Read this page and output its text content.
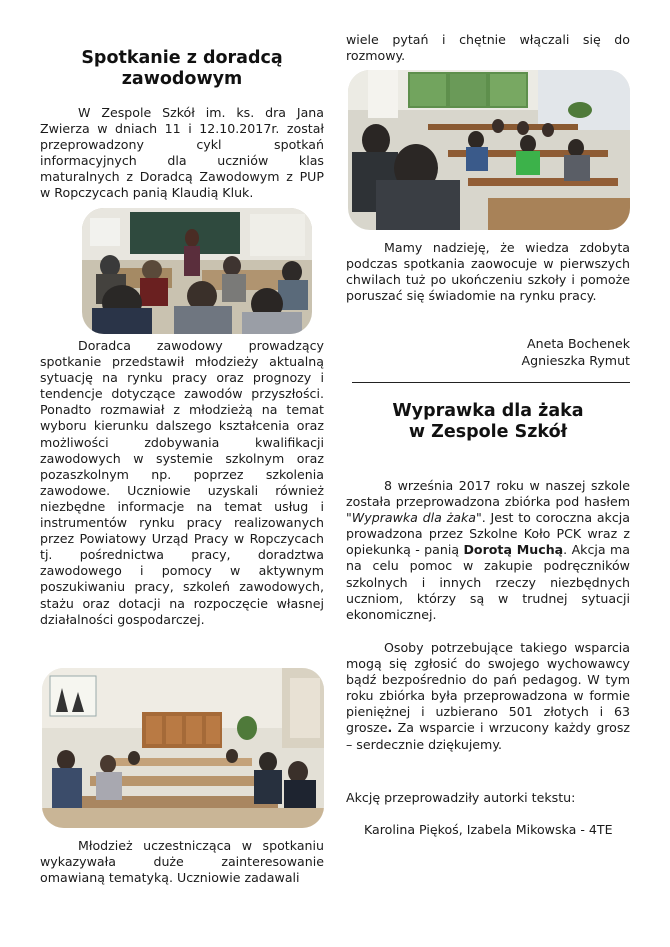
Spotkanie z doradcą
zawodowym

W Zespole Szkół im. ks. dra Jana Zwierza w dniach 11 i 12.10.2017r. został przeprowadzony cykl spotkań informacyjnych dla uczniów klas maturalnych z Doradcą Zawodowym z PUP w Ropczycach panią Klaudią Kluk.

Doradca zawodowy prowadzący spotkanie przedstawił młodzieży aktualną sytuację na rynku pracy oraz prognozy i tendencje dotyczące zawodów przyszłości. Ponadto rozmawiał z młodzieżą na temat wyboru kierunku dalszego kształcenia oraz możliwości zdobywania kwalifikacji zawodowych w systemie szkolnym oraz pozaszkolnym np. poprzez szkolenia zawodowe. Uczniowie uzyskali również niezbędne informacje na temat usług i instrumentów rynku pracy realizowanych przez Powiatowy Urząd Pracy w Ropczycach tj. pośrednictwa pracy, doradztwa zawodowego i pomocy w aktywnym poszukiwaniu pracy, szkoleń zawodowych, stażu oraz dotacji na rozpoczęcie własnej działalności gospodarczej.

Młodzież uczestnicząca w spotkaniu wykazywała duże zainteresowanie omawianą tematyką. Uczniowie zadawali

wiele pytań i chętnie włączali się do rozmowy.

Mamy nadzieję, że wiedza zdobyta podczas spotkania zaowocuje w pierwszych chwilach tuż po ukończeniu szkoły i pomoże poruszać się świadomie na rynku pracy.

Aneta Bochenek
Agnieszka Rymut
Wyprawka dla żaka
w Zespole Szkół

8 września 2017 roku w naszej szkole została przeprowadzona zbiórka pod hasłem "Wyprawka dla żaka". Jest to coroczna akcja prowadzona przez Szkolne Koło PCK wraz z opiekunką - panią Dorotą Muchą. Akcja ma na celu pomoc w zakupie podręczników szkolnych i innych rzeczy niezbędnych uczniom, którzy są w trudnej sytuacji ekonomicznej.

Osoby potrzebujące takiego wsparcia mogą się zgłosić do swojego wychowawcy bądź bezpośrednio do pań pedagog. W tym roku zbiórka była przeprowadzona w formie pieniężnej i uzbierano 501 złotych i 63 grosze. Za wsparcie i wrzucony każdy grosz – serdecznie dziękujemy.

Akcję przeprowadziły autorki tekstu:

Karolina Piękoś, Izabela Mikowska - 4TE
